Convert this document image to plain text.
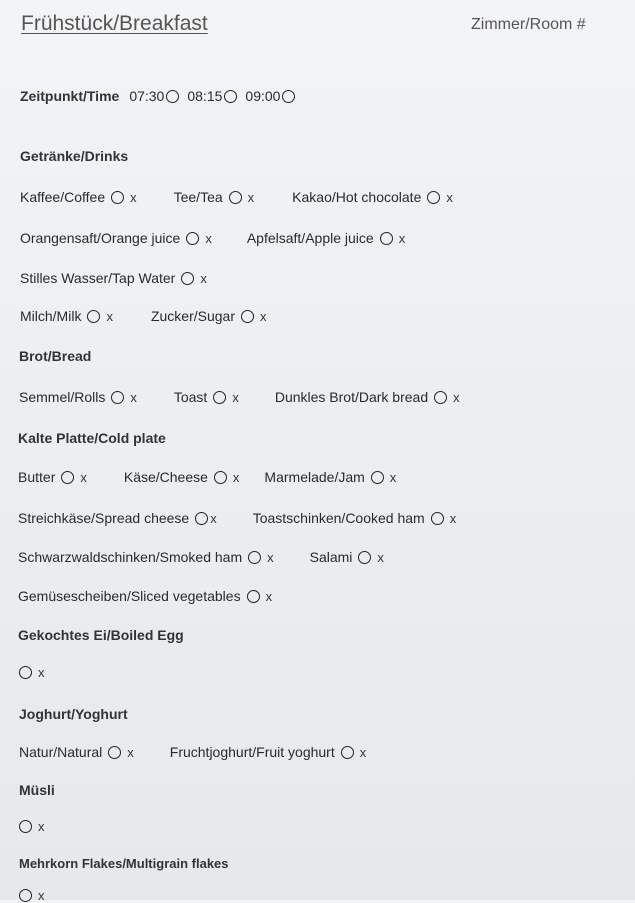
Frühstück/Breakfast	Zimmer/Room #
Zeitpunkt/Time 07:30 08:15 09:00
Getränke/Drinks
Kaffee/Coffee x	Tee/Tea x	Kakao/Hot chocolate x
Orangensaft/Orange juice x	Apfelsaft/Apple juice x
Stilles Wasser/Tap Water x
Milch/Milk x	Zucker/Sugar x
Brot/Bread
Semmel/Rolls x	Toast x	Dunkles Brot/Dark bread x
Kalte Platte/Cold plate
Butter x	Käse/Cheese x Marmelade/Jam x
Streichkäse/Spread cheese x	Toastschinken/Cooked ham x
Schwarzwaldschinken/Smoked ham x	Salami x
Gemüsescheiben/Sliced vegetables x
Gekochtes Ei/Boiled Egg
x
Joghurt/Yoghurt
Natur/Natural x	Fruchtjoghurt/Fruit yoghurt x
Müsli
x
Mehrkorn Flakes/Multigrain flakes
x
